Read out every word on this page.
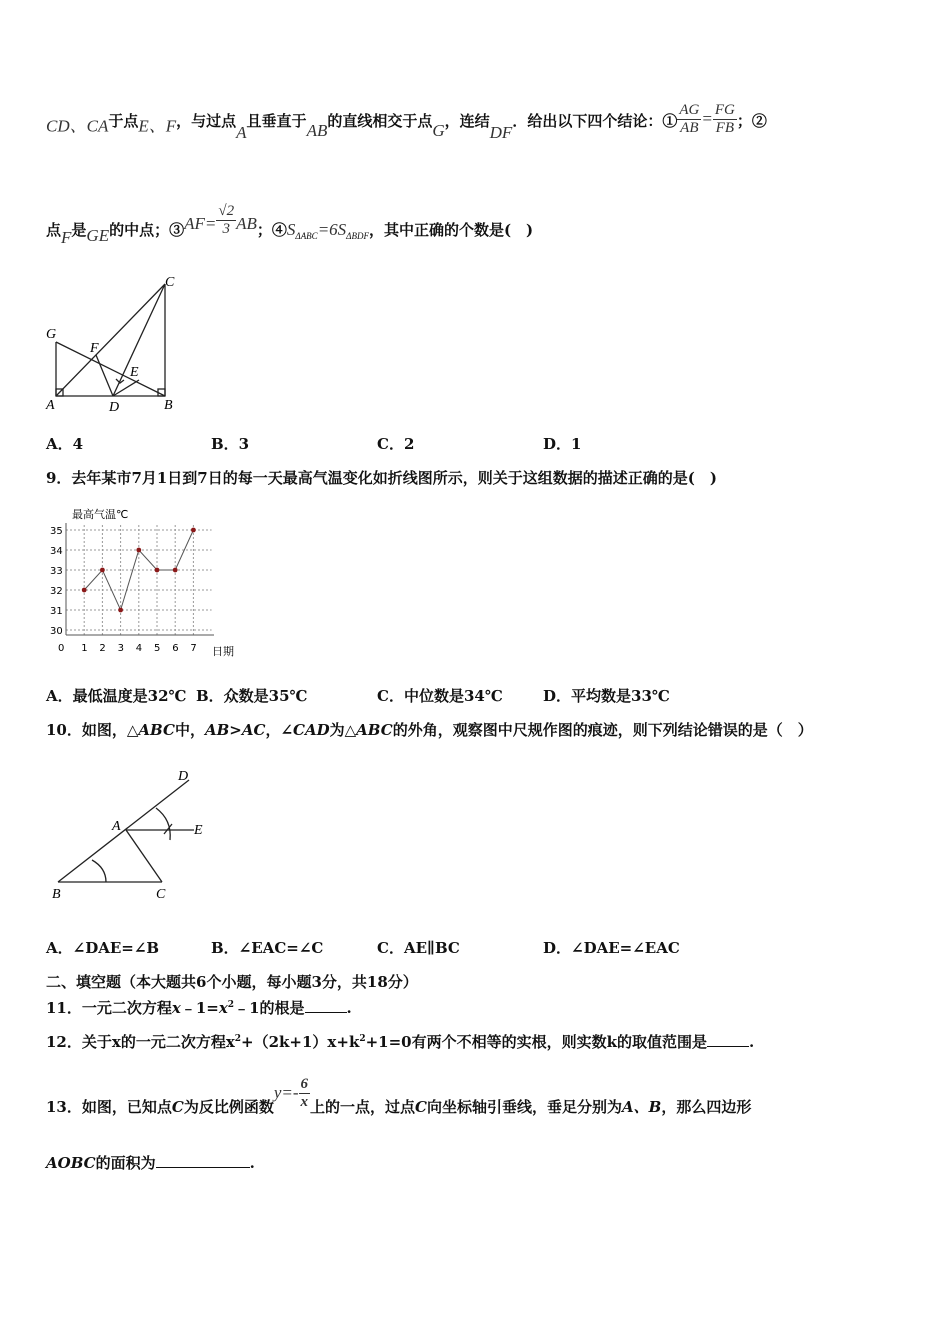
CD、CA于点E、F，与过点A且垂直于AB的直线相交于点G，连结DF．给出以下四个结论：① $\frac{AG}{AB} = \frac{FG}{FB}$ ；②
点F是GE的中点；③AF= $\frac{√2}{3}$ AB；$④S_{\Delta ABC}=6S_{\Delta BDF}$，其中正确的个数是(　)
G
F
C
E
A	D	B
A．4	B．3	C．2	D．1
9．去年某市7月1日到7日的每一天最高气温变化如折线图所示，则关于这组数据的描述正确的是(　)
最高气温℃
30
31
32
33
34
35
0 1 2 3 4 5 6 7 日期
A．最低温度是32℃ B．众数是35℃	C．中位数是34℃	D．平均数是33℃
10．如图，△ABC中，AB>AC，∠CAD为△ABC的外角，观察图中尺规作图的痕迹，则下列结论错误的是（　）
D
A	E
B	C
A．∠DAE=∠B	B．∠EAC=∠C	C．AE∥BC	D．∠DAE=∠EAC
二、填空题（本大题共6个小题，每小题3分，共18分）
11．一元二次方程$x﹣1=x^2﹣1$的根是	.
12．关于x的一元二次方程$x^2+(2k+1)x+k^2+1=0$有两个不相等的实根，则实数k的取值范围是	.
13．如图，已知点C为反比例函数$y=- \frac{6}{x}$ 上的一点，过点C向坐标轴引垂线，垂足分别为A、B，那么四边形
AOBC的面积为	.
